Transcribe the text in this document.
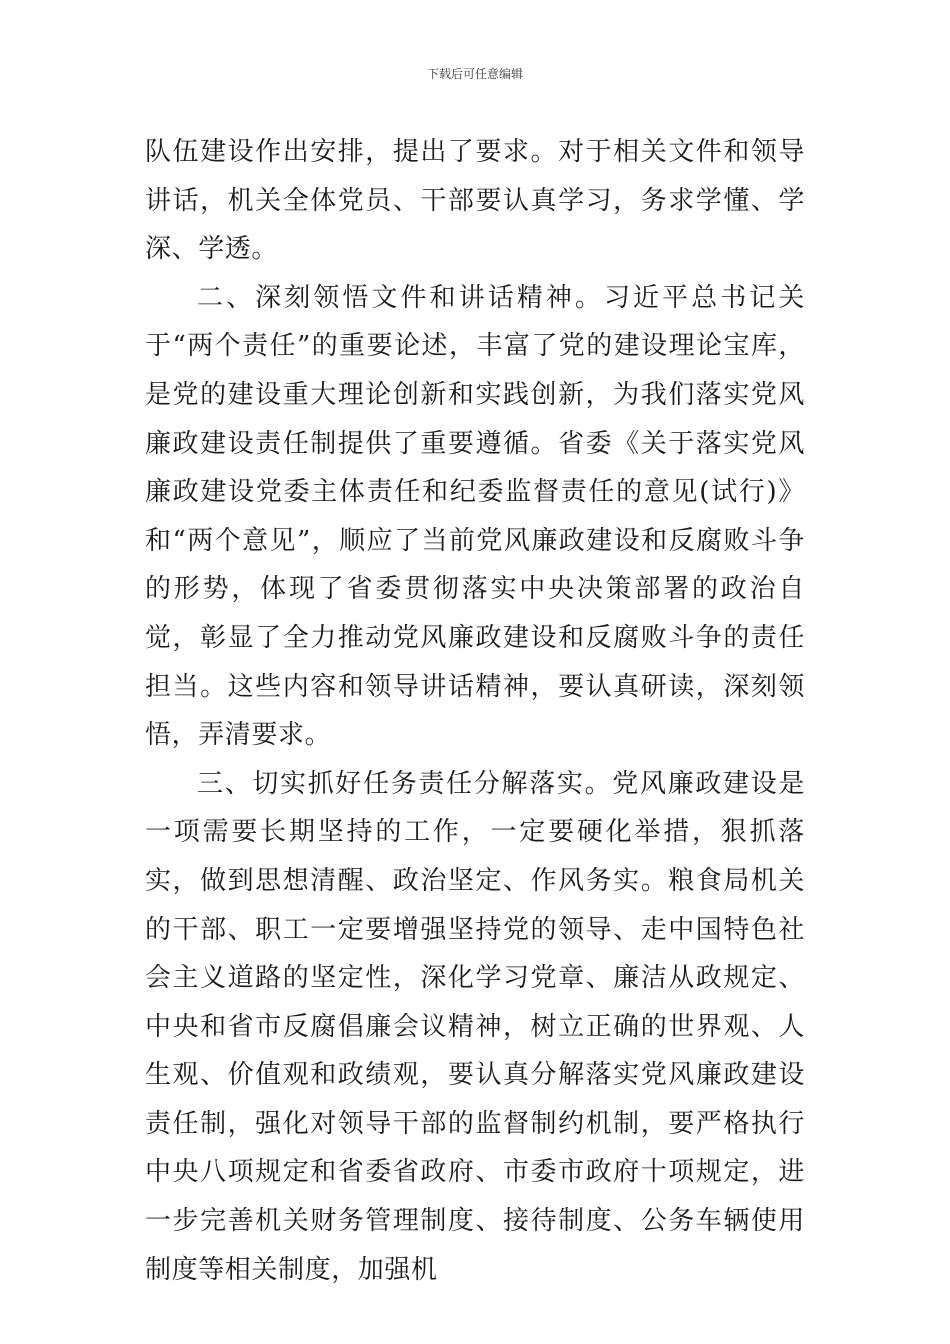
下载后可任意编辑

队伍建设作出安排，提出了要求。对于相关文件和领导讲话，机关全体党员、干部要认真学习，务求学懂、学深、学透。

二、深刻领悟文件和讲话精神。习近平总书记关于“两个责任”的重要论述，丰富了党的建设理论宝库，是党的建设重大理论创新和实践创新，为我们落实党风廉政建设责任制提供了重要遵循。省委《关于落实党风廉政建设党委主体责任和纪委监督责任的意见(试行)》和“两个意见”，顺应了当前党风廉政建设和反腐败斗争的形势，体现了省委贯彻落实中央决策部署的政治自觉，彰显了全力推动党风廉政建设和反腐败斗争的责任担当。这些内容和领导讲话精神，要认真研读，深刻领悟，弄清要求。

三、切实抓好任务责任分解落实。党风廉政建设是一项需要长期坚持的工作，一定要硬化举措，狠抓落实，做到思想清醒、政治坚定、作风务实。粮食局机关的干部、职工一定要增强坚持党的领导、走中国特色社会主义道路的坚定性，深化学习党章、廉洁从政规定、中央和省市反腐倡廉会议精神，树立正确的世界观、人生观、价值观和政绩观，要认真分解落实党风廉政建设责任制，强化对领导干部的监督制约机制，要严格执行中央八项规定和省委省政府、市委市政府十项规定，进一步完善机关财务管理制度、接待制度、公务车辆使用制度等相关制度，加强机
